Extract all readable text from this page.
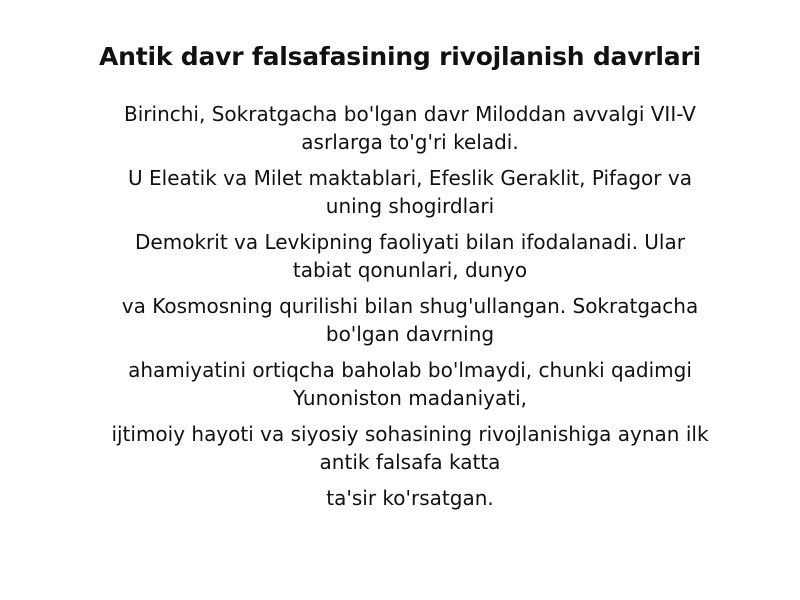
Antik davr falsafasining rivojlanish davrlari
Birinchi, Sokratgacha bo'lgan davr Miloddan avvalgi VII-V
asrlarga to'g'ri keladi.
U Eleatik va Milet maktablari, Efeslik Geraklit, Pifagor va
uning shogirdlari
Demokrit va Levkipning faoliyati bilan ifodalanadi. Ular
tabiat qonunlari, dunyo
va Kosmosning qurilishi bilan shug'ullangan. Sokratgacha
bo'lgan davrning
ahamiyatini ortiqcha baholab bo'lmaydi, chunki qadimgi
Yunoniston madaniyati,
ijtimoiy hayoti va siyosiy sohasining rivojlanishiga aynan ilk
antik falsafa katta
ta'sir ko'rsatgan.
